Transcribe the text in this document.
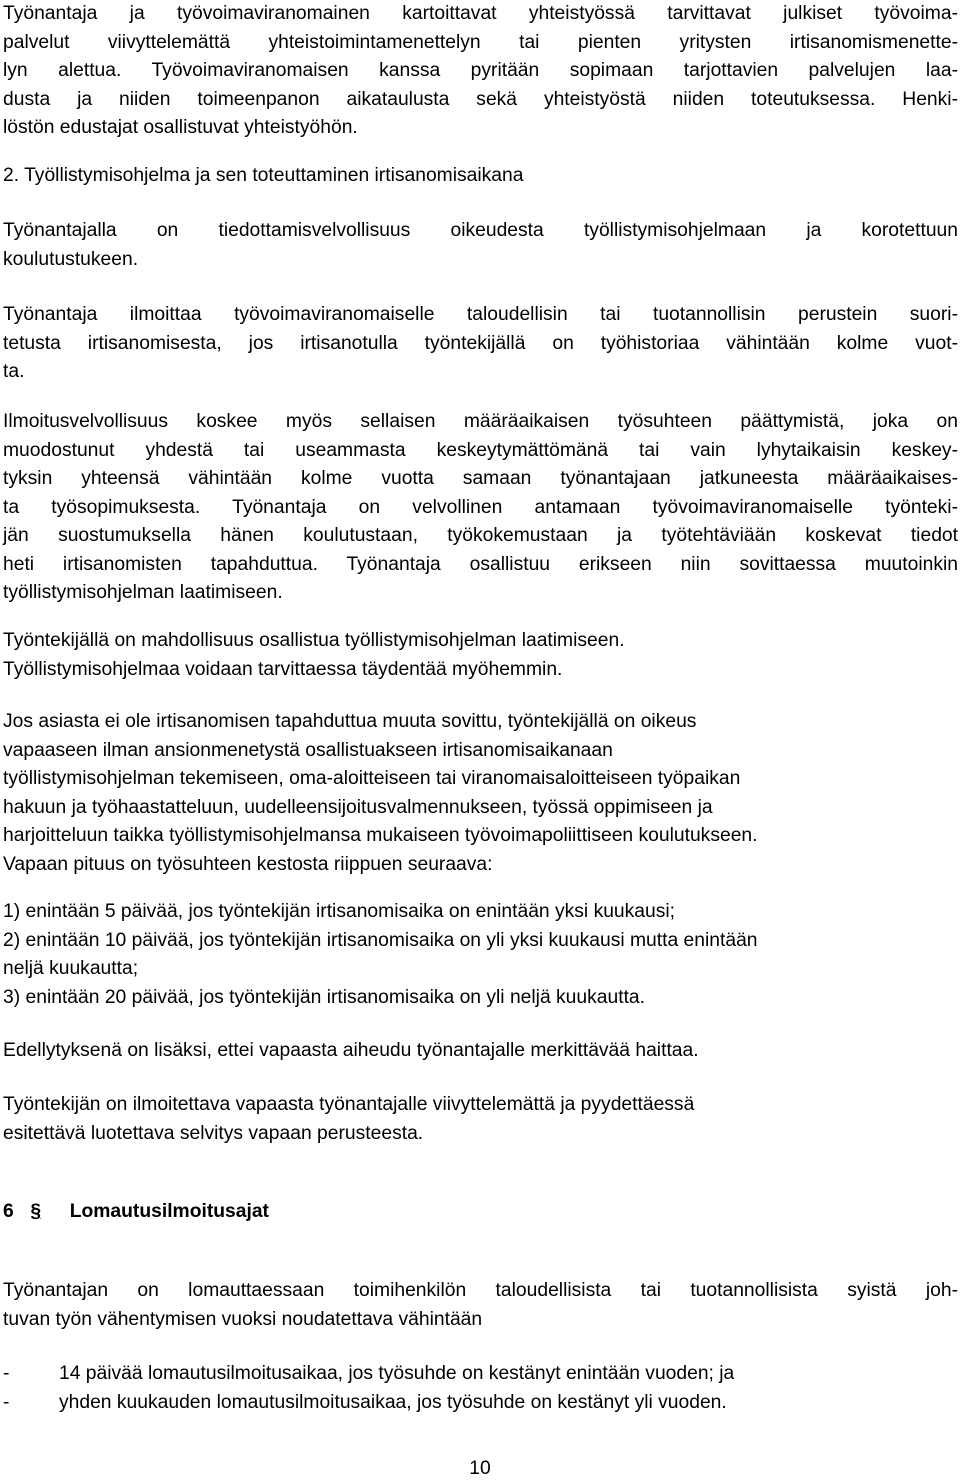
Työnantaja ja työvoimaviranomainen kartoittavat yhteistyössä tarvittavat julkiset työvoima-
palvelut viivyttelemättä yhteistoimintamenettelyn tai pienten yritysten irtisanomismenette-
lyn alettua. Työvoimaviranomaisen kanssa pyritään sopimaan tarjottavien palvelujen laa-
dusta ja niiden toimeenpanon aikataulusta sekä yhteistyöstä niiden toteutuksessa. Henki-
löstön edustajat osallistuvat yhteistyöhön.

2. Työllistymisohjelma ja sen toteuttaminen irtisanomisaikana

Työnantajalla on tiedottamisvelvollisuus oikeudesta työllistymisohjelmaan ja korotettuun
koulutustukeen.

Työnantaja ilmoittaa työvoimaviranomaiselle taloudellisin tai tuotannollisin perustein suori-
tetusta irtisanomisesta, jos irtisanotulla työntekijällä on työhistoriaa vähintään kolme vuot-
ta.

Ilmoitusvelvollisuus koskee myös sellaisen määräaikaisen työsuhteen päättymistä, joka on
muodostunut yhdestä tai useammasta keskeytymättömänä tai vain lyhytaikaisin keskey-
tyksin yhteensä vähintään kolme vuotta samaan työnantajaan jatkuneesta määräaikaises-
ta työsopimuksesta. Työnantaja on velvollinen antamaan työvoimaviranomaiselle työnteki-
jän suostumuksella hänen koulutustaan, työkokemustaan ja työtehtäviään koskevat tiedot
heti irtisanomisten tapahduttua. Työnantaja osallistuu erikseen niin sovittaessa muutoinkin
työllistymisohjelman laatimiseen.

Työntekijällä on mahdollisuus osallistua työllistymisohjelman laatimiseen.
Työllistymisohjelmaa voidaan tarvittaessa täydentää myöhemmin.

Jos asiasta ei ole irtisanomisen tapahduttua muuta sovittu, työntekijällä on oikeus
vapaaseen ilman ansionmenetystä osallistuakseen irtisanomisaikanaan
työllistymisohjelman tekemiseen, oma-aloitteiseen tai viranomaisaloitteiseen työpaikan
hakuun ja työhaastatteluun, uudelleensijoitusvalmennukseen, työssä oppimiseen ja
harjoitteluun taikka työllistymisohjelmansa mukaiseen työvoimapoliittiseen koulutukseen.
Vapaan pituus on työsuhteen kestosta riippuen seuraava:

1) enintään 5 päivää, jos työntekijän irtisanomisaika on enintään yksi kuukausi;
2) enintään 10 päivää, jos työntekijän irtisanomisaika on yli yksi kuukausi mutta enintään
neljä kuukautta;
3) enintään 20 päivää, jos työntekijän irtisanomisaika on yli neljä kuukautta.

Edellytyksenä on lisäksi, ettei vapaasta aiheudu työnantajalle merkittävää haittaa.

Työntekijän on ilmoitettava vapaasta työnantajalle viivyttelemättä ja pyydettäessä
esitettävä luotettava selvitys vapaan perusteesta.

6 § Lomautusilmoitusajat

Työnantajan on lomauttaessaan toimihenkilön taloudellisista tai tuotannollisista syistä joh-
tuvan työn vähentymisen vuoksi noudatettava vähintään

-	14 päivää lomautusilmoitusaikaa, jos työsuhde on kestänyt enintään vuoden; ja
-	yhden kuukauden lomautusilmoitusaikaa, jos työsuhde on kestänyt yli vuoden.
10
